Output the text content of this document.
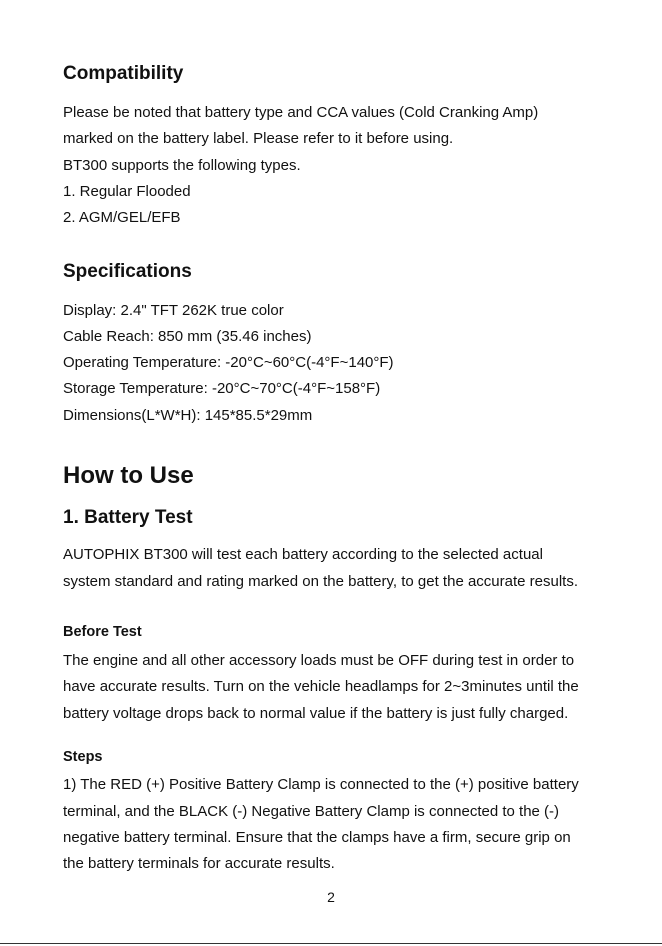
Compatibility

Please be noted that battery type and CCA values (Cold Cranking Amp)

marked on the battery label. Please refer to it before using.

BT300 supports the following types.

1. Regular Flooded

2. AGM/GEL/EFB

Specifications

Display: 2.4" TFT 262K true color

Cable Reach: 850 mm (35.46 inches)

Operating Temperature: -20°C~60°C(-4°F~140°F)

Storage Temperature: -20°C~70°C(-4°F~158°F)

Dimensions(L*W*H): 145*85.5*29mm

How to Use
1. Battery Test

AUTOPHIX BT300 will test each battery according to the selected actual

system standard and rating marked on the battery, to get the accurate results.

Before Test

The engine and all other accessory loads must be OFF during test in order to

have accurate results. Turn on the vehicle headlamps for 2~3minutes until the

battery voltage drops back to normal value if the battery is just fully charged.

Steps

1) The RED (+) Positive Battery Clamp is connected to the (+) positive battery

terminal, and the BLACK (-) Negative Battery Clamp is connected to the (-)

negative battery terminal. Ensure that the clamps have a firm, secure grip on

the battery terminals for accurate results.

2
